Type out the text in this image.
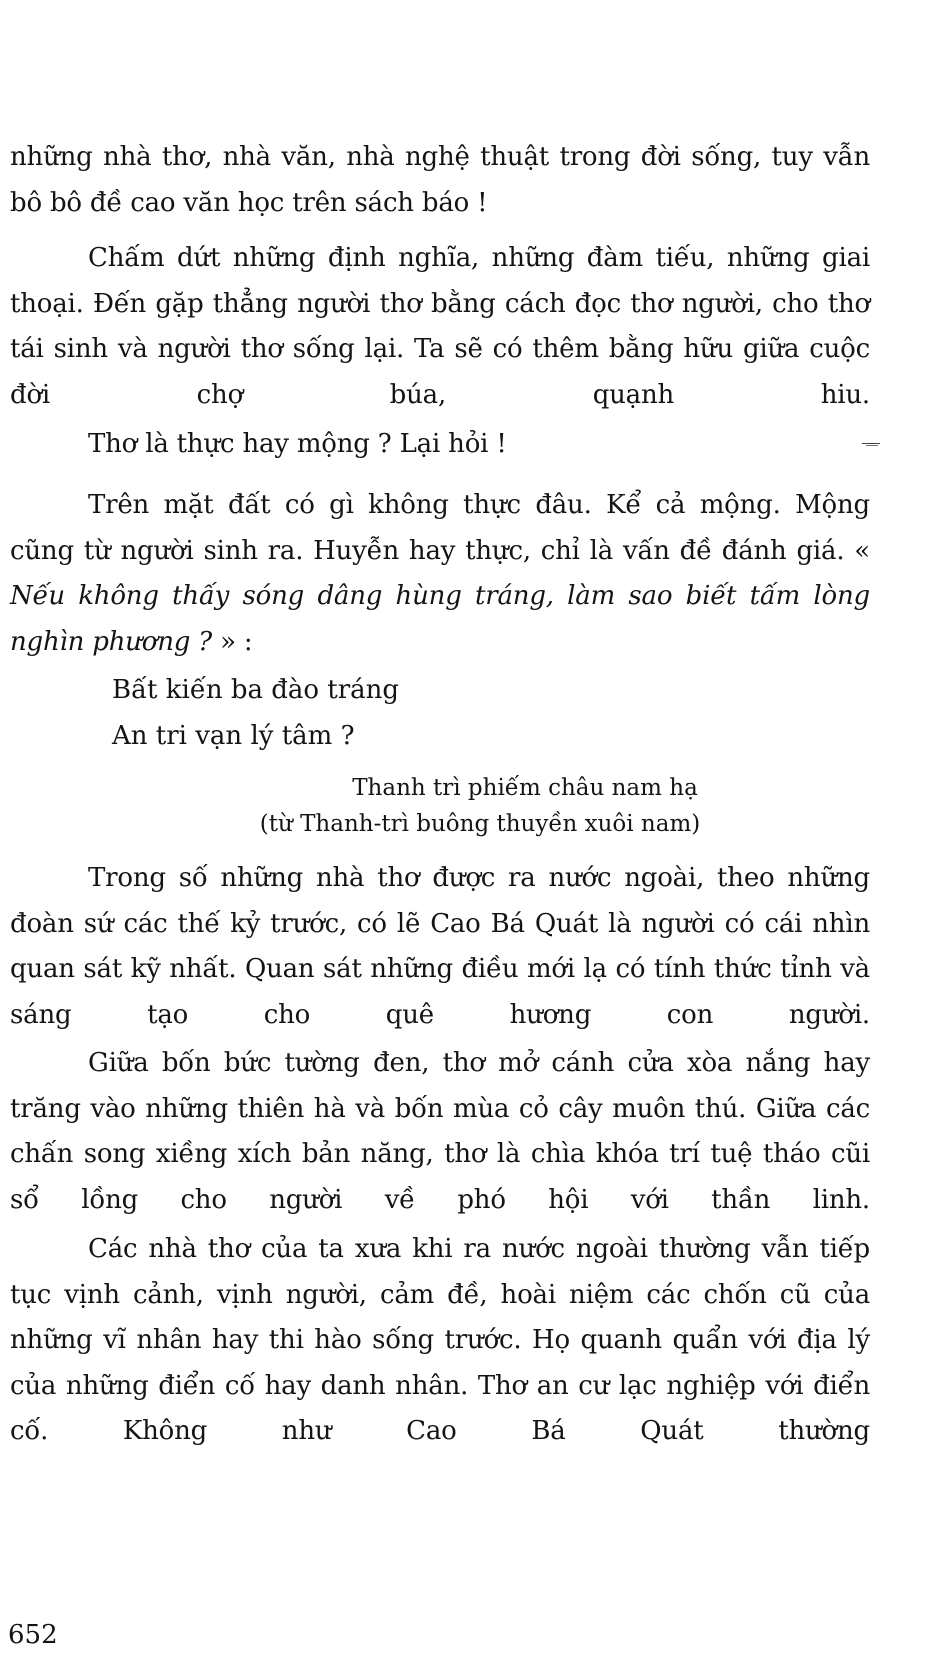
những nhà thơ, nhà văn, nhà nghệ thuật trong đời sống, tuy vẫn bô bô đề cao văn học trên sách báo !

Chấm dứt những định nghĩa, những đàm tiếu, những giai thoại. Đến gặp thẳng người thơ bằng cách đọc thơ người, cho thơ tái sinh và người thơ sống lại. Ta sẽ có thêm bằng hữu giữa cuộc đời chợ búa, quạnh hiu.

Thơ là thực hay mộng ? Lại hỏi !

Trên mặt đất có gì không thực đâu. Kể cả mộng. Mộng cũng từ người sinh ra. Huyễn hay thực, chỉ là vấn đề đánh giá. « Nếu không thấy sóng dâng hùng tráng, làm sao biết tấm lòng nghìn phương ? » :

Bất kiến ba đào tráng
An tri vạn lý tâm ?
Thanh trì phiếm châu nam hạ
(từ Thanh-trì buông thuyền xuôi nam)

Trong số những nhà thơ được ra nước ngoài, theo những đoàn sứ các thế kỷ trước, có lẽ Cao Bá Quát là người có cái nhìn quan sát kỹ nhất. Quan sát những điều mới lạ có tính thức tỉnh và sáng tạo cho quê hương con người.

Giữa bốn bức tường đen, thơ mở cánh cửa xòa nắng hay trăng vào những thiên hà và bốn mùa cỏ cây muôn thú. Giữa các chấn song xiềng xích bản năng, thơ là chìa khóa trí tuệ tháo cũi sổ lồng cho người về phó hội với thần linh.

Các nhà thơ của ta xưa khi ra nước ngoài thường vẫn tiếp tục vịnh cảnh, vịnh người, cảm đề, hoài niệm các chốn cũ của những vĩ nhân hay thi hào sống trước. Họ quanh quẩn với địa lý của những điển cố hay danh nhân. Thơ an cư lạc nghiệp với điển cố. Không như Cao Bá Quát thường

652
